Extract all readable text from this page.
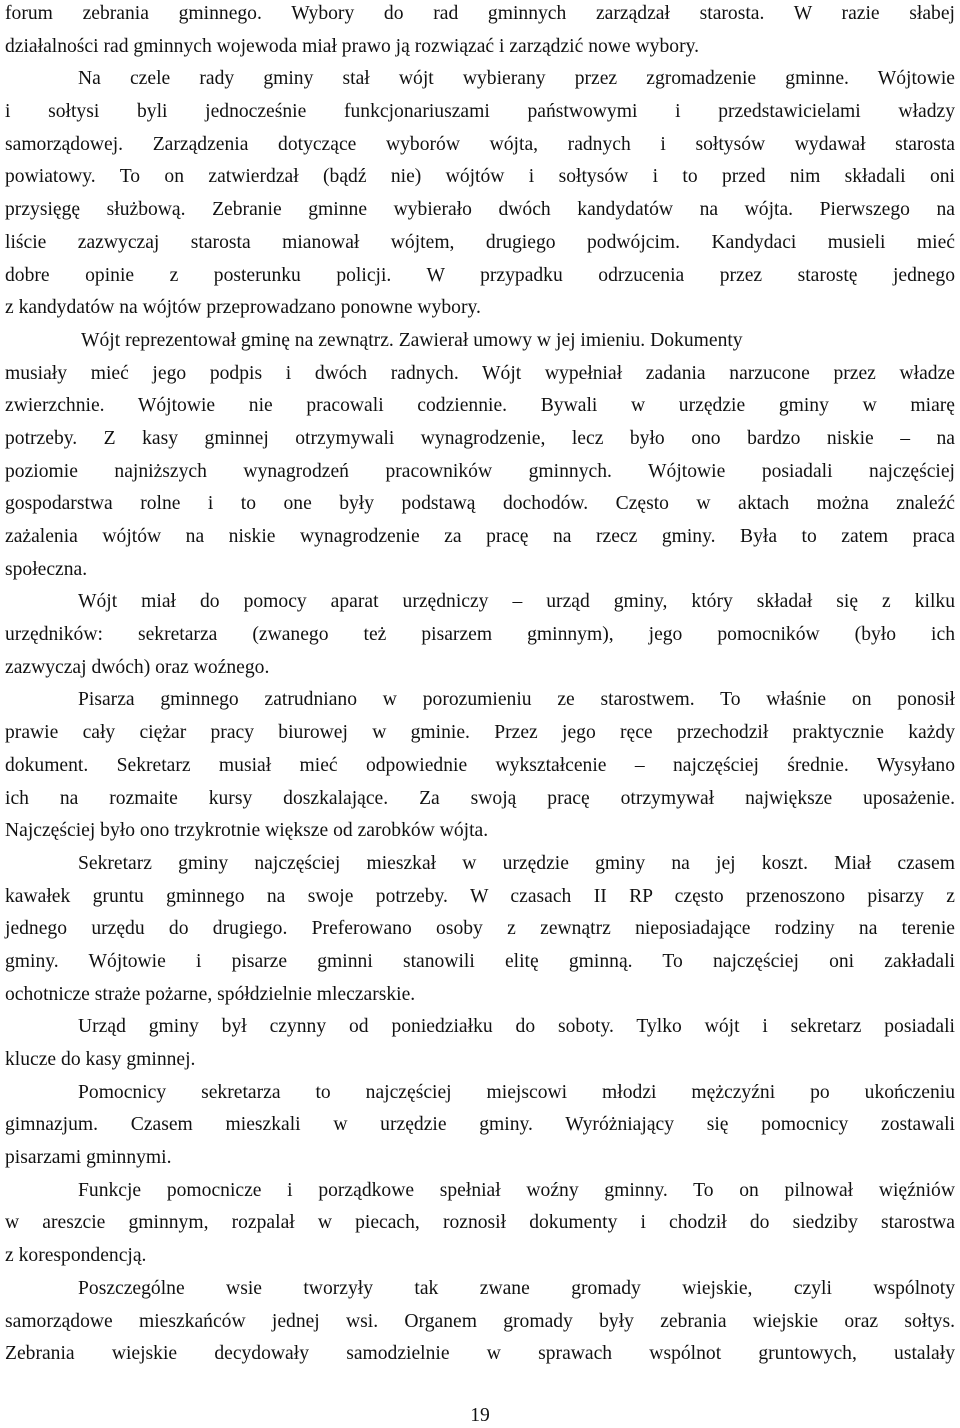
forum zebrania gminnego. Wybory do rad gminnych zarządzał starosta. W razie słabej
działalności rad gminnych wojewoda miał prawo ją rozwiązać i zarządzić nowe wybory.
Na czele rady gminy stał wójt wybierany przez zgromadzenie gminne. Wójtowie
i sołtysi byli jednocześnie funkcjonariuszami państwowymi i przedstawicielami władzy
samorządowej. Zarządzenia dotyczące wyborów wójta, radnych i sołtysów wydawał starosta
powiatowy. To on zatwierdzał (bądź nie) wójtów i sołtysów i to przed nim składali oni
przysięgę służbową. Zebranie gminne wybierało dwóch kandydatów na wójta. Pierwszego na
liście zazwyczaj starosta mianował wójtem, drugiego podwójcim. Kandydaci musieli mieć
dobre opinie z posterunku policji. W przypadku odrzucenia przez starostę jednego
z kandydatów na wójtów przeprowadzano ponowne wybory.
Wójt reprezentował gminę na zewnątrz. Zawierał umowy w jej imieniu. Dokumenty
musiały mieć jego podpis i dwóch radnych. Wójt wypełniał zadania narzucone przez władze
zwierzchnie. Wójtowie nie pracowali codziennie. Bywali w urzędzie gminy w miarę
potrzeby. Z kasy gminnej otrzymywali wynagrodzenie, lecz było ono bardzo niskie – na
poziomie najniższych wynagrodzeń pracowników gminnych. Wójtowie posiadali najczęściej
gospodarstwa rolne i to one były podstawą dochodów. Często w aktach można znaleźć
zażalenia wójtów na niskie wynagrodzenie za pracę na rzecz gminy. Była to zatem praca
społeczna.
Wójt miał do pomocy aparat urzędniczy – urząd gminy, który składał się z kilku
urzędników: sekretarza (zwanego też pisarzem gminnym), jego pomocników (było ich
zazwyczaj dwóch) oraz woźnego.
Pisarza gminnego zatrudniano w porozumieniu ze starostwem. To właśnie on ponosił
prawie cały ciężar pracy biurowej w gminie. Przez jego ręce przechodził praktycznie każdy
dokument. Sekretarz musiał mieć odpowiednie wykształcenie – najczęściej średnie. Wysyłano
ich na rozmaite kursy doszkalające. Za swoją pracę otrzymywał największe uposażenie.
Najczęściej było ono trzykrotnie większe od zarobków wójta.
Sekretarz gminy najczęściej mieszkał w urzędzie gminy na jej koszt. Miał czasem
kawałek gruntu gminnego na swoje potrzeby. W czasach II RP często przenoszono pisarzy z
jednego urzędu do drugiego. Preferowano osoby z zewnątrz nieposiadające rodziny na terenie
gminy. Wójtowie i pisarze gminni stanowili elitę gminną. To najczęściej oni zakładali
ochotnicze straże pożarne, spółdzielnie mleczarskie.
Urząd gminy był czynny od poniedziałku do soboty. Tylko wójt i sekretarz posiadali
klucze do kasy gminnej.
Pomocnicy sekretarza to najczęściej miejscowi młodzi mężczyźni po ukończeniu
gimnazjum. Czasem mieszkali w urzędzie gminy. Wyróżniający się pomocnicy zostawali
pisarzami gminnymi.
Funkcje pomocnicze i porządkowe spełniał woźny gminny. To on pilnował więźniów
w areszcie gminnym, rozpalał w piecach, roznosił dokumenty i chodził do siedziby starostwa
z korespondencją.
Poszczególne wsie tworzyły tak zwane gromady wiejskie, czyli wspólnoty
samorządowe mieszkańców jednej wsi. Organem gromady były zebrania wiejskie oraz sołtys.
Zebrania wiejskie decydowały samodzielnie w sprawach wspólnot gruntowych, ustalały
19
